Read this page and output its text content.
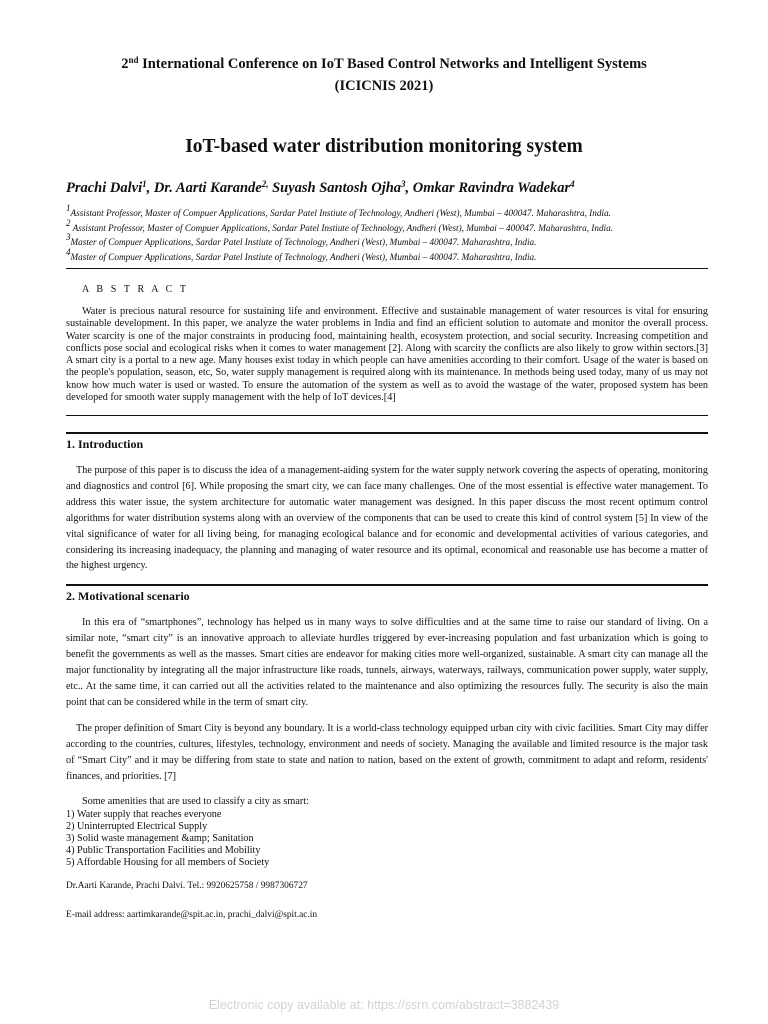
2nd International Conference on IoT Based Control Networks and Intelligent Systems
(ICICNIS 2021)
IoT-based water distribution monitoring system
Prachi Dalvi$^1$, Dr. Aarti Karande$^{2,}$ Suyash Santosh Ojha$^3$, Omkar Ravindra Wadekar$^4$
$^1$Assistant Professor, Master of Compuer Applications, Sardar Patel Instiute of Technology, Andheri (West), Mumbai – 400047. Maharashtra, India.
$^2$ Assistant Professor, Master of Compuer Applications, Sardar Patel Instiute of Technology, Andheri (West), Mumbai – 400047. Maharashtra, India.
$^3$Master of Compuer Applications, Sardar Patel Instiute of Technology, Andheri (West), Mumbai – 400047. Maharashtra, India.
$^4$Master of Compuer Applications, Sardar Patel Instiute of Technology, Andheri (West), Mumbai – 400047. Maharashtra, India.
A B S T R A C T
Water is precious natural resource for sustaining life and environment. Effective and sustainable management of water resources is vital for ensuring sustainable development. In this paper, we analyze the water problems in India and find an efficient solution to automate and monitor the overall process. Water scarcity is one of the major constraints in producing food, maintaining health, ecosystem protection, and social security. Increasing competition and conflicts pose social and ecological risks when it comes to water management [2]. Along with scarcity the conflicts are also likely to grow within sectors.[3] A smart city is a portal to a new age. Many houses exist today in which people can have amenities according to their comfort. Usage of the water is based on the people's population, season, etc, So, water supply management is required along with its maintenance. In methods being used today, many of us may not know how much water is used or wasted. To ensure the automation of the system as well as to avoid the wastage of the water, proposed system has been developed for smooth water supply management with the help of IoT devices.[4]
1. Introduction
The purpose of this paper is to discuss the idea of a management-aiding system for the water supply network covering the aspects of operating, monitoring and diagnostics and control [6]. While proposing the smart city, we can face many challenges. One of the most essential is effective water management. To address this water issue, the system architecture for automatic water management was designed. In this paper discuss the most recent optimum control algorithms for water distribution systems along with an overview of the components that can be used to create this kind of control system [5] In view of the vital significance of water for all living being, for managing ecological balance and for economic and developmental activities of various categories, and considering its increasing inadequacy, the planning and managing of water resource and its optimal, economical and reasonable use has become a matter of the highest urgency.
2. Motivational scenario
In this era of “smartphones”, technology has helped us in many ways to solve difficulties and at the same time to raise our standard of living. On a similar note, “smart city” is an innovative approach to alleviate hurdles triggered by ever-increasing population and fast urbanization which is going to benefit the governments as well as the masses. Smart cities are endeavor for making cities more well-organized, sustainable. A smart city can manage all the major functionality by integrating all the major infrastructure like roads, tunnels, airways, waterways, railways, communication power supply, water supply, etc.. At the same time, it can carried out all the activities related to the maintenance and also optimizing the resources fully. The security is also the main point that can be considered while in the term of smart city.
The proper definition of Smart City is beyond any boundary. It is a world-class technology equipped urban city with civic facilities. Smart City may differ according to the countries, cultures, lifestyles, technology, environment and needs of society. Managing the available and limited resource is the major task of “Smart City” and it may be differing from state to state and nation to nation, based on the extent of growth, commitment to adapt and reform, residents' finances, and priorities. [7]
Some amenities that are used to classify a city as smart:
1) Water supply that reaches everyone
2) Uninterrupted Electrical Supply
3) Solid waste management &amp; Sanitation
4) Public Transportation Facilities and Mobility
5) Affordable Housing for all members of Society
Dr.Aarti Karande, Prachi Dalvi. Tel.: 9920625758 / 9987306727
E-mail address: aartimkarande@spit.ac.in, prachi_dalvi@spit.ac.in
Electronic copy available at: https://ssrn.com/abstract=3882439
